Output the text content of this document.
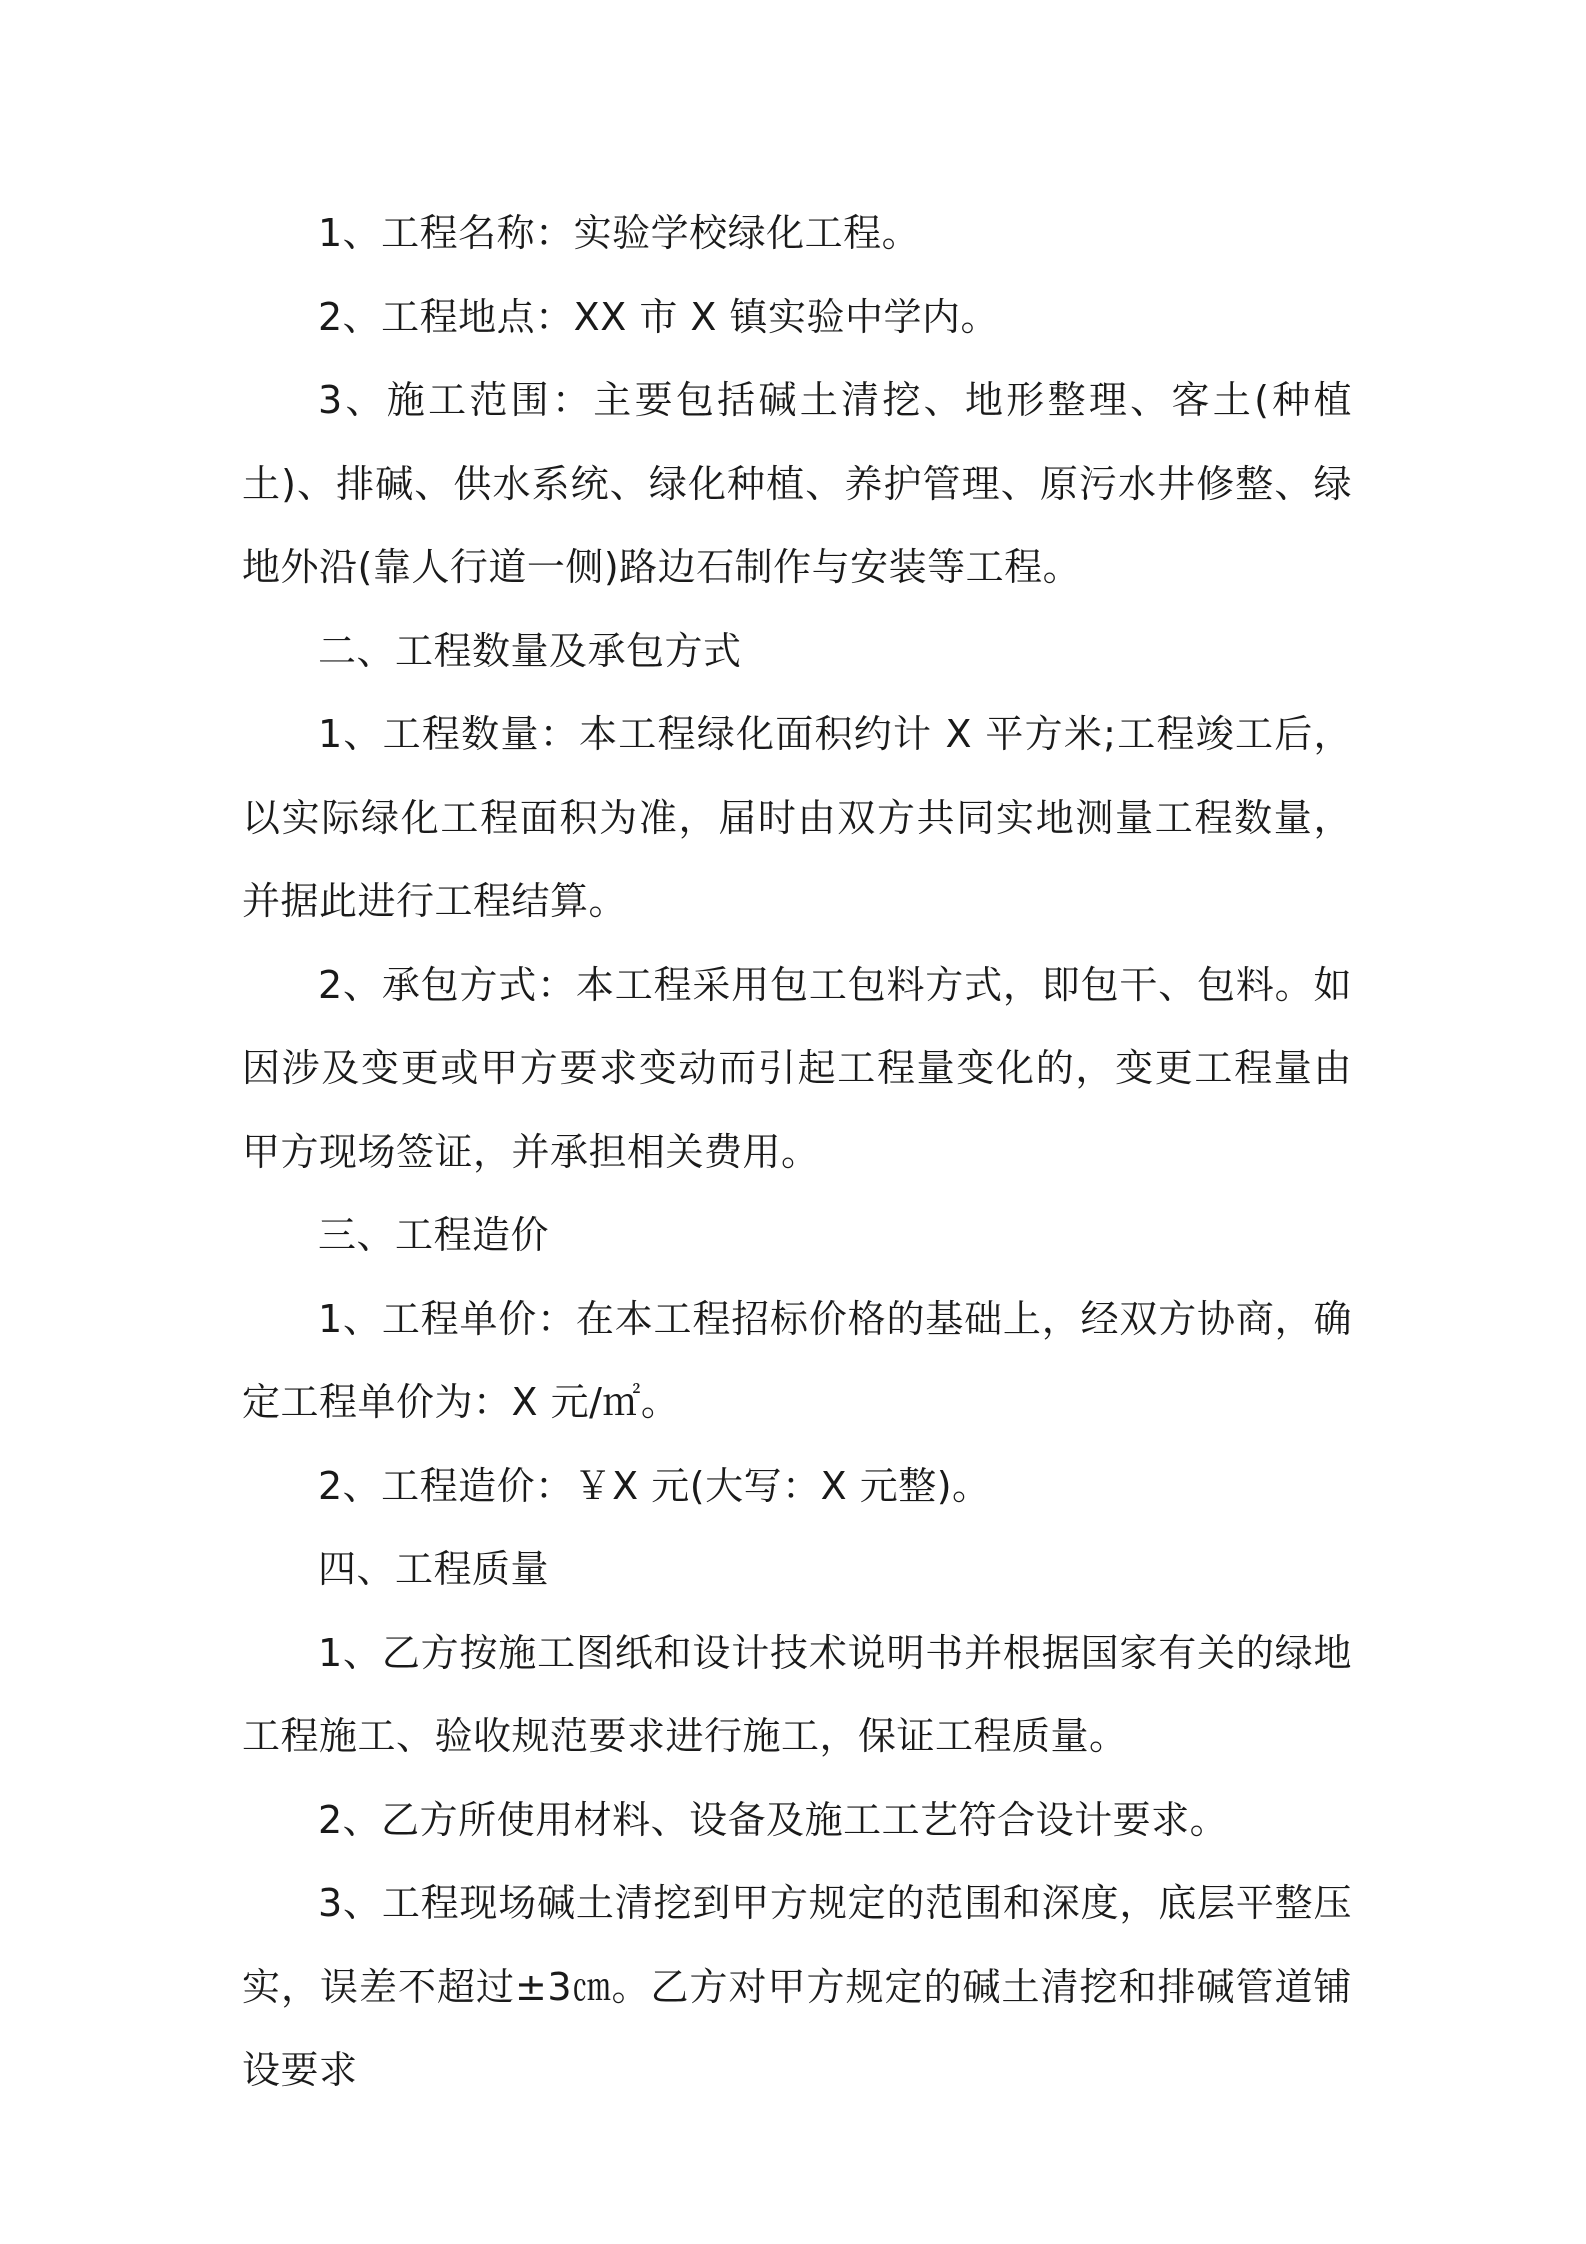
1、工程名称：实验学校绿化工程。

2、工程地点：XX 市 X 镇实验中学内。

3、施工范围：主要包括碱土清挖、地形整理、客土(种植土)、排碱、供水系统、绿化种植、养护管理、原污水井修整、绿地外沿(靠人行道一侧)路边石制作与安装等工程。

二、工程数量及承包方式

1、工程数量：本工程绿化面积约计 X 平方米;工程竣工后，以实际绿化工程面积为准，届时由双方共同实地测量工程数量，并据此进行工程结算。

2、承包方式：本工程采用包工包料方式，即包干、包料。如因涉及变更或甲方要求变动而引起工程量变化的，变更工程量由甲方现场签证，并承担相关费用。

三、工程造价

1、工程单价：在本工程招标价格的基础上，经双方协商，确定工程单价为：X 元/㎡。

2、工程造价：￥X 元(大写：X 元整)。

四、工程质量

1、乙方按施工图纸和设计技术说明书并根据国家有关的绿地工程施工、验收规范要求进行施工，保证工程质量。

2、乙方所使用材料、设备及施工工艺符合设计要求。

3、工程现场碱土清挖到甲方规定的范围和深度，底层平整压实，误差不超过±3㎝。乙方对甲方规定的碱土清挖和排碱管道铺设要求
